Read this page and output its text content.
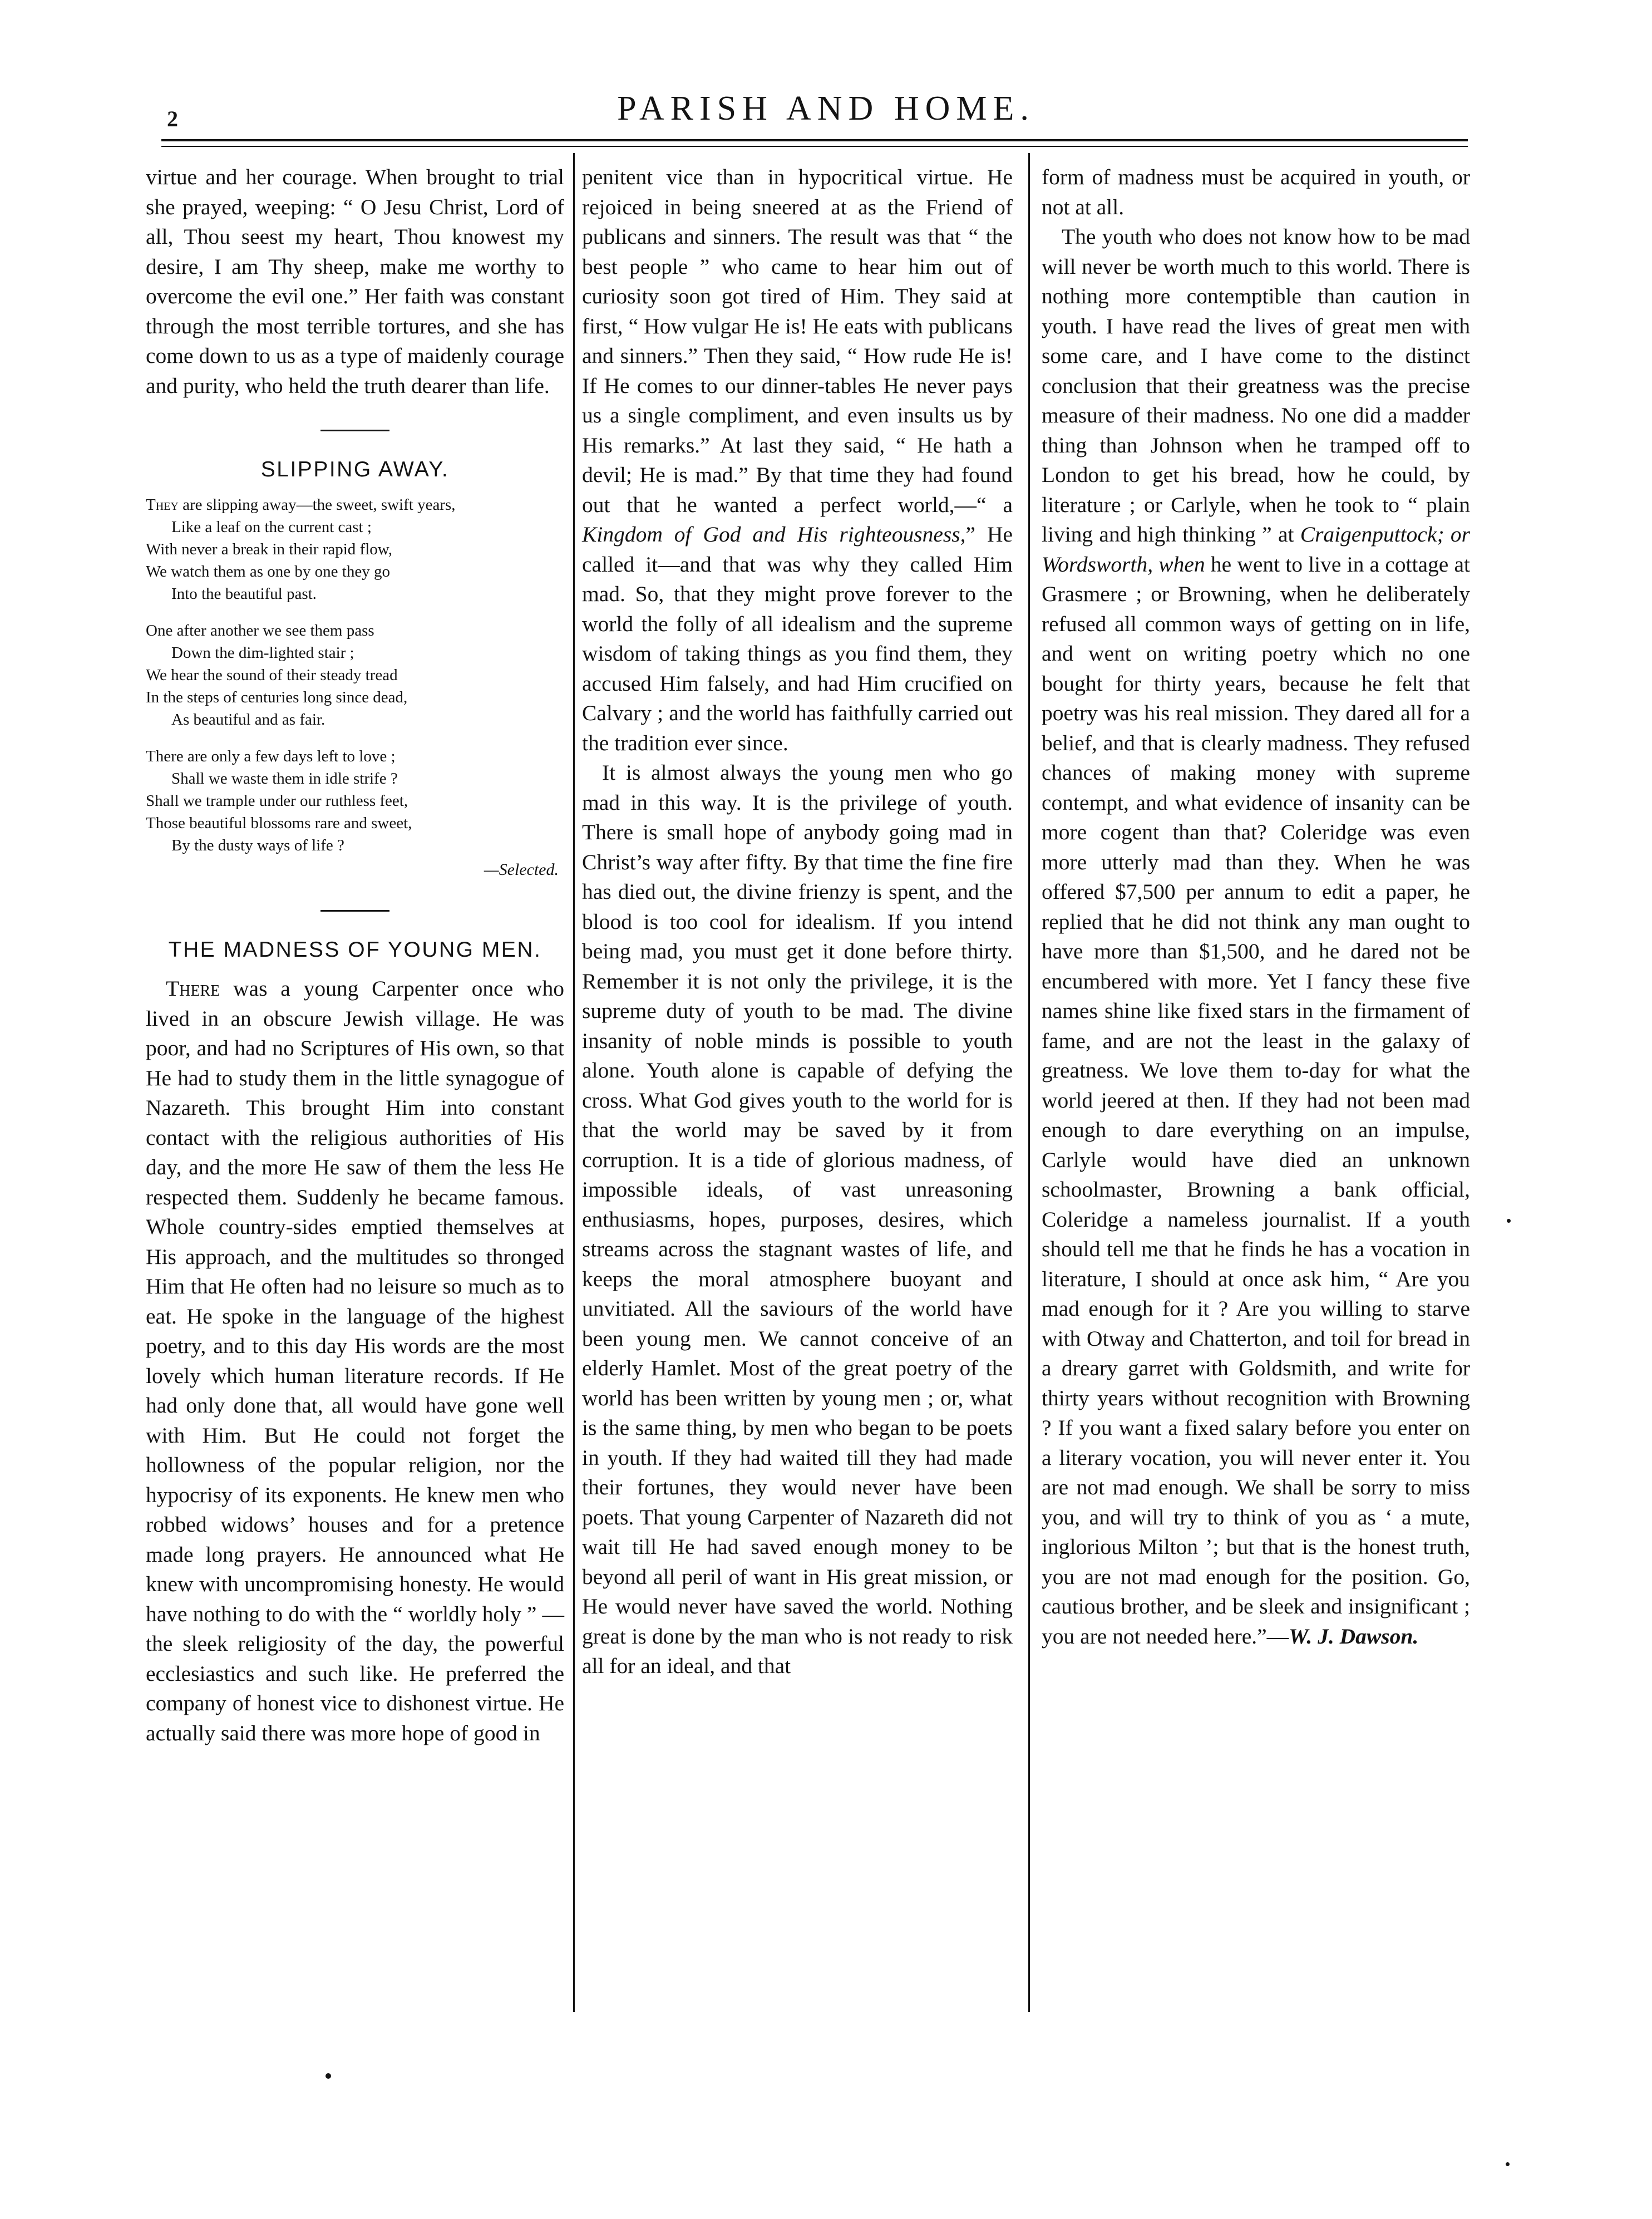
2	PARISH AND HOME.

virtue and her courage. When brought to trial she prayed, weeping: “ O Jesu Christ, Lord of all, Thou seest my heart, Thou knowest my desire, I am Thy sheep, make me worthy to overcome the evil one.” Her faith was constant through the most terrible tortures, and she has come down to us as a type of maidenly courage and purity, who held the truth dearer than life.

SLIPPING AWAY.
They are slipping away—the sweet, swift years,
Like a leaf on the current cast ;
With never a break in their rapid flow,
We watch them as one by one they go
Into the beautiful past.
One after another we see them pass
Down the dim-lighted stair ;
We hear the sound of their steady tread
In the steps of centuries long since dead,
As beautiful and as fair.
There are only a few days left to love ;
Shall we waste them in idle strife ?
Shall we trample under our ruthless feet,
Those beautiful blossoms rare and sweet,
By the dusty ways of life ?
—Selected.
THE MADNESS OF YOUNG MEN.

There was a young Carpenter once who lived in an obscure Jewish village. He was poor, and had no Scriptures of His own, so that He had to study them in the little synagogue of Nazareth. This brought Him into constant contact with the religious authorities of His day, and the more He saw of them the less He respected them. Suddenly he became famous. Whole country-sides emptied themselves at His approach, and the multitudes so thronged Him that He often had no leisure so much as to eat. He spoke in the language of the highest poetry, and to this day His words are the most lovely which human literature records. If He had only done that, all would have gone well with Him. But He could not forget the hollowness of the popular religion, nor the hypocrisy of its exponents. He knew men who robbed widows’ houses and for a pretence made long prayers. He announced what He knew with uncompromising honesty. He would have nothing to do with the “ worldly holy ” —the sleek religiosity of the day, the powerful ecclesiastics and such like. He preferred the company of honest vice to dishonest virtue. He actually said there was more hope of good in

penitent vice than in hypocritical virtue. He rejoiced in being sneered at as the Friend of publicans and sinners. The result was that “ the best people ” who came to hear him out of curiosity soon got tired of Him. They said at first, “ How vulgar He is! He eats with publicans and sinners.” Then they said, “ How rude He is! If He comes to our dinner-tables He never pays us a single compliment, and even insults us by His remarks.” At last they said, “ He hath a devil; He is mad.” By that time they had found out that he wanted a perfect world,—“ a Kingdom of God and His righteousness,” He called it—and that was why they called Him mad. So, that they might prove forever to the world the folly of all idealism and the supreme wisdom of taking things as you find them, they accused Him falsely, and had Him crucified on Calvary ; and the world has faithfully carried out the tradition ever since.

It is almost always the young men who go mad in this way. It is the privilege of youth. There is small hope of anybody going mad in Christ’s way after fifty. By that time the fine fire has died out, the divine frienzy is spent, and the blood is too cool for idealism. If you intend being mad, you must get it done before thirty. Remember it is not only the privilege, it is the supreme duty of youth to be mad. The divine insanity of noble minds is possible to youth alone. Youth alone is capable of defying the cross. What God gives youth to the world for is that the world may be saved by it from corruption. It is a tide of glorious madness, of impossible ideals, of vast unreasoning enthusiasms, hopes, purposes, desires, which streams across the stagnant wastes of life, and keeps the moral atmosphere buoyant and unvitiated. All the saviours of the world have been young men. We cannot conceive of an elderly Hamlet. Most of the great poetry of the world has been written by young men ; or, what is the same thing, by men who began to be poets in youth. If they had waited till they had made their fortunes, they would never have been poets. That young Carpenter of Nazareth did not wait till He had saved enough money to be beyond all peril of want in His great mission, or He would never have saved the world. Nothing great is done by the man who is not ready to risk all for an ideal, and that

form of madness must be acquired in youth, or not at all.

The youth who does not know how to be mad will never be worth much to this world. There is nothing more contemptible than caution in youth. I have read the lives of great men with some care, and I have come to the distinct conclusion that their greatness was the precise measure of their madness. No one did a madder thing than Johnson when he tramped off to London to get his bread, how he could, by literature ; or Carlyle, when he took to “ plain living and high thinking ” at Craigenputtock; or Wordsworth, when he went to live in a cottage at Grasmere ; or Browning, when he deliberately refused all common ways of getting on in life, and went on writing poetry which no one bought for thirty years, because he felt that poetry was his real mission. They dared all for a belief, and that is clearly madness. They refused chances of making money with supreme contempt, and what evidence of insanity can be more cogent than that? Coleridge was even more utterly mad than they. When he was offered $7,500 per annum to edit a paper, he replied that he did not think any man ought to have more than $1,500, and he dared not be encumbered with more. Yet I fancy these five names shine like fixed stars in the firmament of fame, and are not the least in the galaxy of greatness. We love them to-day for what the world jeered at then. If they had not been mad enough to dare everything on an impulse, Carlyle would have died an unknown schoolmaster, Browning a bank official, Coleridge a nameless journalist. If a youth should tell me that he finds he has a vocation in literature, I should at once ask him, “ Are you mad enough for it ? Are you willing to starve with Otway and Chatterton, and toil for bread in a dreary garret with Goldsmith, and write for thirty years without recognition with Browning ? If you want a fixed salary before you enter on a literary vocation, you will never enter it. You are not mad enough. We shall be sorry to miss you, and will try to think of you as ‘ a mute, inglorious Milton ’; but that is the honest truth, you are not mad enough for the position. Go, cautious brother, and be sleek and insignificant ; you are not needed here.”—W. J. Dawson.
